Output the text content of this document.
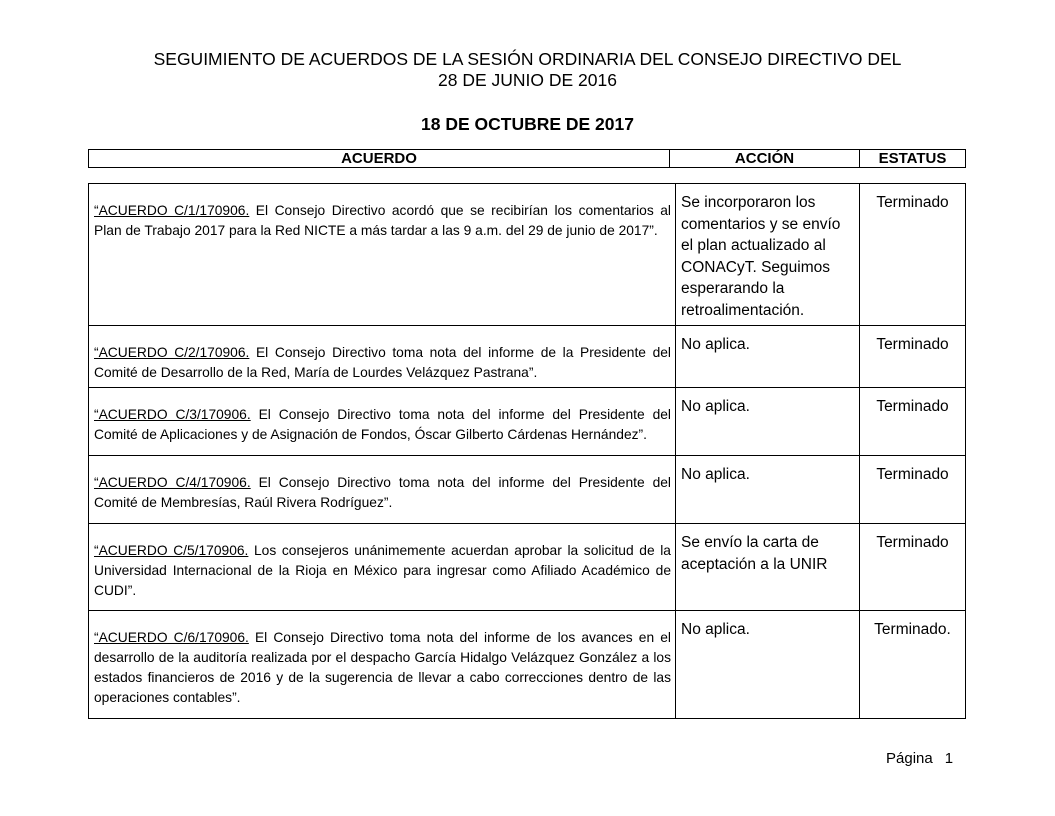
SEGUIMIENTO DE ACUERDOS DE LA SESIÓN ORDINARIA DEL CONSEJO DIRECTIVO DEL
28 DE JUNIO DE 2016
18 DE OCTUBRE DE 2017
ACUERDO	ACCIÓN	ESTATUS
“ACUERDO C/1/170906. El Consejo Directivo acordó que se recibirían los comentarios al Plan de Trabajo 2017 para la Red NICTE a más tardar a las 9 a.m. del 29 de junio de 2017”.	Se incorporaron los comentarios y se envío el plan actualizado al CONACyT. Seguimos esperarando la retroalimentación.	Terminado
“ACUERDO C/2/170906. El Consejo Directivo toma nota del informe de la Presidente del Comité de Desarrollo de la Red, María de Lourdes Velázquez Pastrana”.	No aplica.	Terminado
“ACUERDO C/3/170906. El Consejo Directivo toma nota del informe del Presidente del Comité de Aplicaciones y de Asignación de Fondos, Óscar Gilberto Cárdenas Hernández”.	No aplica.	Terminado
“ACUERDO C/4/170906. El Consejo Directivo toma nota del informe del Presidente del Comité de Membresías, Raúl Rivera Rodríguez”.	No aplica.	Terminado
“ACUERDO C/5/170906. Los consejeros unánimemente acuerdan aprobar la solicitud de la Universidad Internacional de la Rioja en México para ingresar como Afiliado Académico de CUDI”.	Se envío la carta de aceptación a la UNIR	Terminado
“ACUERDO C/6/170906. El Consejo Directivo toma nota del informe de los avances en el desarrollo de la auditoría realizada por el despacho García Hidalgo Velázquez González a los estados financieros de 2016 y de la sugerencia de llevar a cabo correcciones dentro de las operaciones contables”.	No aplica.	Terminado.
Página 1
